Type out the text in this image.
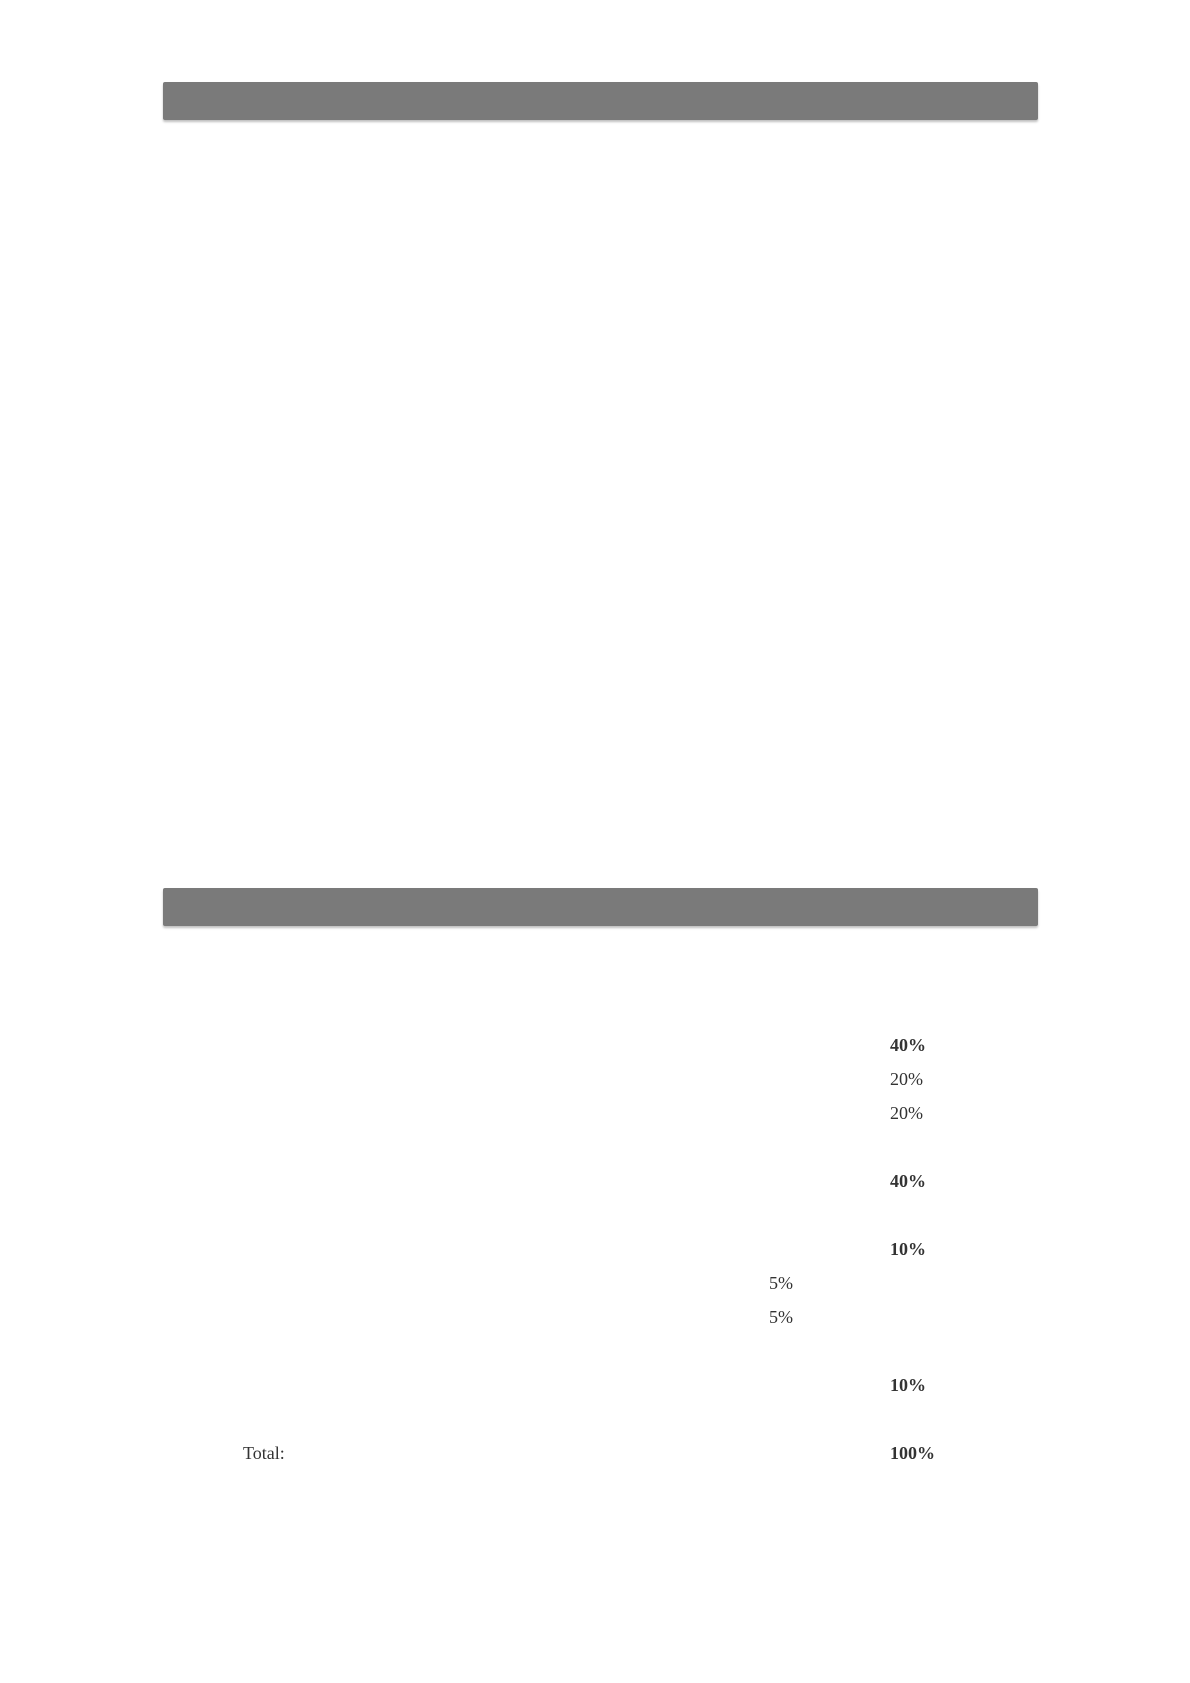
40%
20%
20%
40%
10%
5%
5%
10%
Total:	100%
